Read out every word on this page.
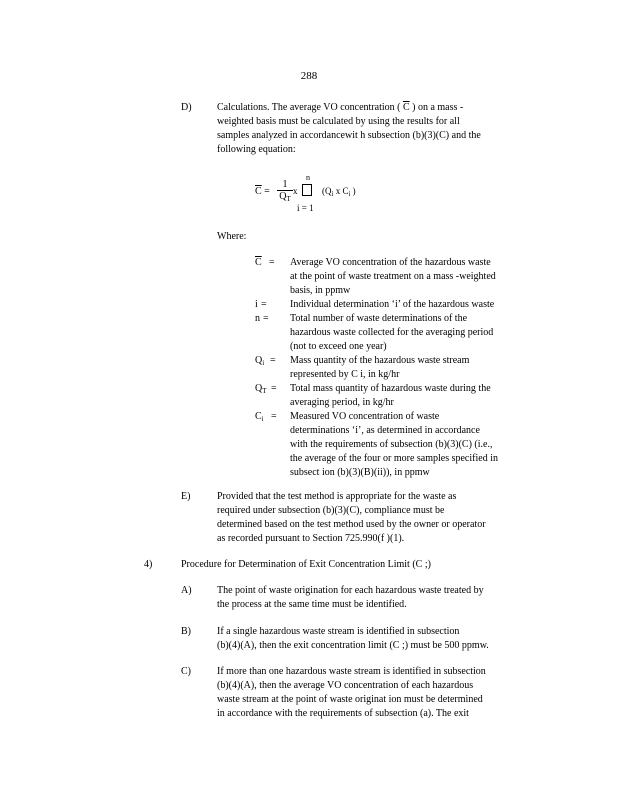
288
D)	Calculations. The average VO concentration ( $\overline{C}$ ) on a mass -
weighted basis must be calculated by using the results for all
samples analyzed in accordancewit h subsection (b)(3)(C) and the
following equation:
n
$\overline{C} = \frac{1}{Q_T}$ x	($Q_i$ x $C_i$ )
i = 1
Where:
$\overline{C}$ = Average VO concentration of the hazardous waste
at the point of waste treatment on a mass -weighted
basis, in ppmw
i = Individual determination ‘i’ of the hazardous waste
n = Total number of waste determinations of the
hazardous waste collected for the averaging period
(not to exceed one year)
$Q_i$ = Mass quantity of the hazardous waste stream
represented by C i, in kg/hr
$Q_T$ = Total mass quantity of hazardous waste during the
averaging period, in kg/hr
$C_i$ = Measured VO concentration of waste
determinations ‘i’, as determined in accordance
with the requirements of subsection (b)(3)(C) (i.e.,
the average of the four or more samples specified in
subsect ion (b)(3)(B)(ii)), in ppmw
E)	Provided that the test method is appropriate for the waste as
required under subsection (b)(3)(C), compliance must be
determined based on the test method used by the owner or operator
as recorded pursuant to Section 725.990(f )(1).
4)	Procedure for Determination of Exit Concentration Limit (C ;)
A)	The point of waste origination for each hazardous waste treated by
the process at the same time must be identified.
B)	If a single hazardous waste stream is identified in subsection
(b)(4)(A), then the exit concentration limit (C ;) must be 500 ppmw.
C)	If more than one hazardous waste stream is identified in subsection
(b)(4)(A), then the average VO concentration of each hazardous
waste stream at the point of waste originat ion must be determined
in accordance with the requirements of subsection (a). The exit
